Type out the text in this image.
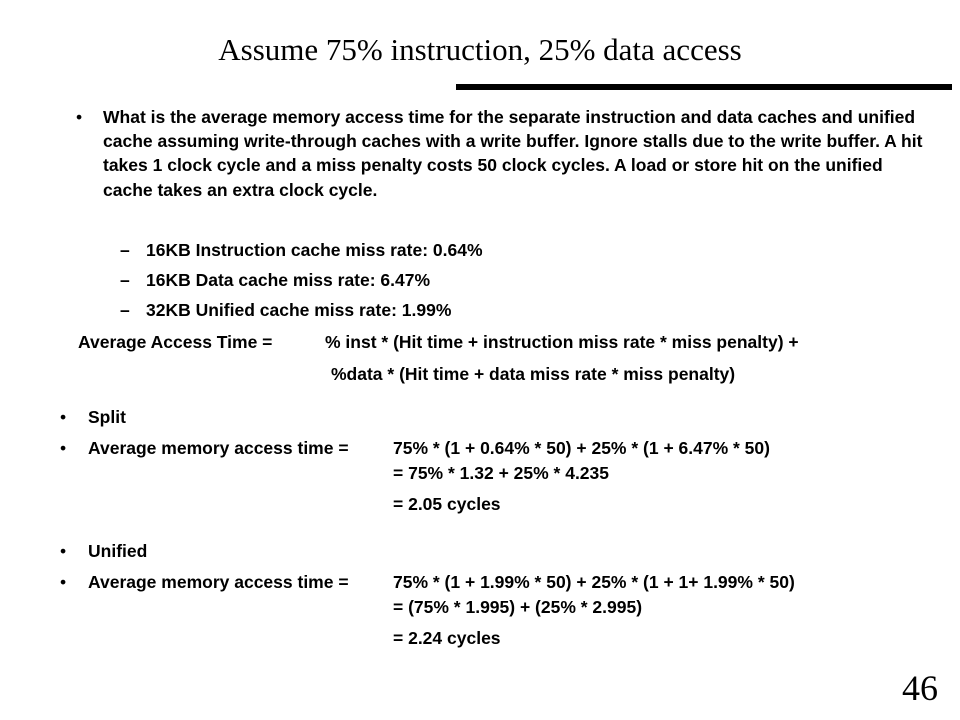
Assume 75% instruction, 25% data access
• What is the average memory access time for the separate instruction and data caches and unified cache assuming write-through caches with a write buffer. Ignore stalls due to the write buffer. A hit takes 1 clock cycle and a miss penalty costs 50 clock cycles. A load or store hit on the unified cache takes an extra clock cycle.
– 16KB Instruction cache miss rate: 0.64%
– 16KB Data cache miss rate: 6.47%
– 32KB Unified cache miss rate: 1.99%
Average Access Time =	% inst * (Hit time + instruction miss rate * miss penalty) +
%data * (Hit time + data miss rate * miss penalty)
• Split
• Average memory access time =	75% * (1 + 0.64% * 50) + 25% * (1 + 6.47% * 50)
= 75% * 1.32 + 25% * 4.235
= 2.05 cycles
• Unified
• Average memory access time =	75% * (1 + 1.99% * 50) + 25% * (1 + 1+ 1.99% * 50)
= (75% * 1.995) + (25% * 2.995)
= 2.24 cycles
46
